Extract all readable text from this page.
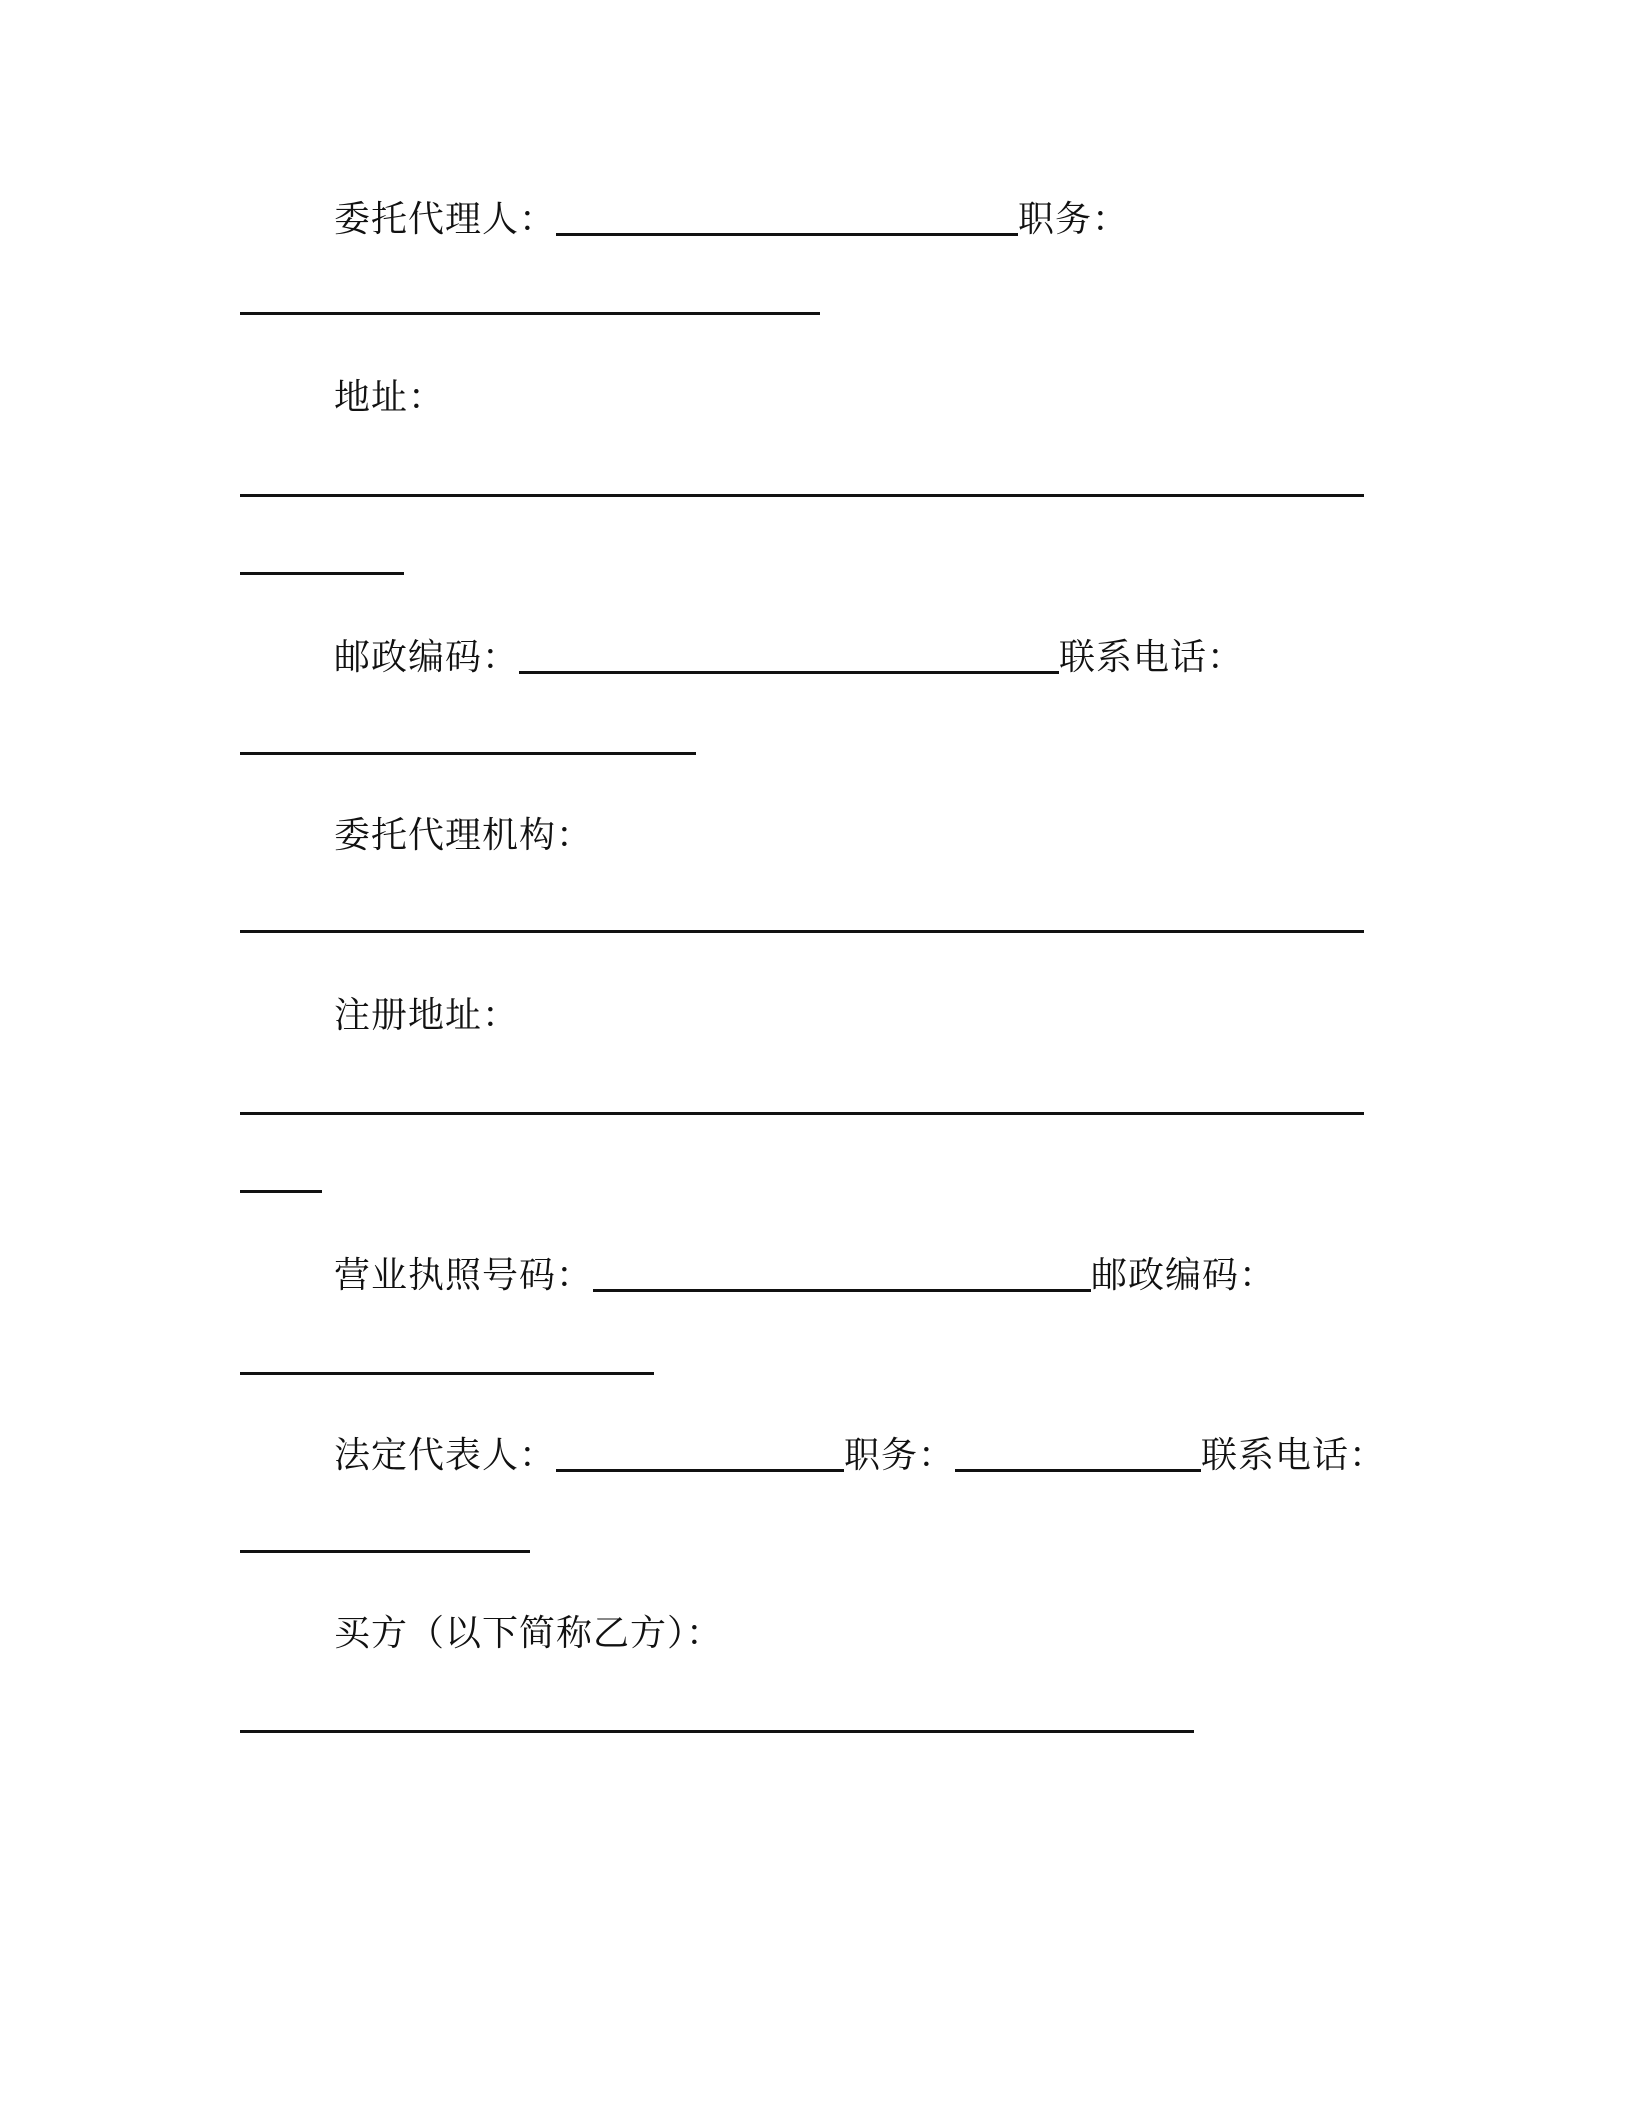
委托代理人：	职务：
地址：
邮政编码：	联系电话：
委托代理机构：
注册地址：
营业执照号码：	邮政编码：
法定代表人：	职务：	联系电话：
买方（以下简称乙方）：
